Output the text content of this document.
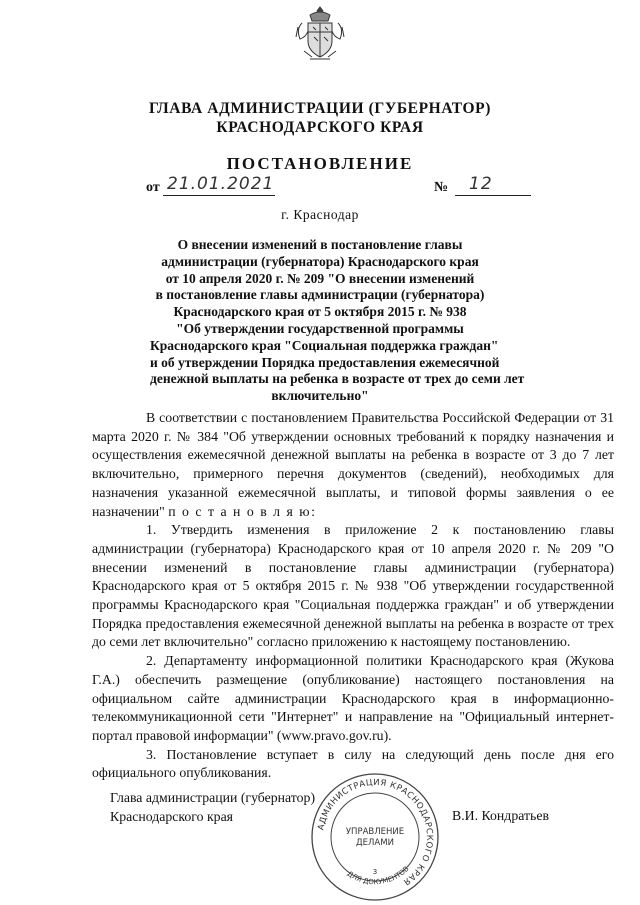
ГЛАВА АДМИНИСТРАЦИИ (ГУБЕРНАТОР)
КРАСНОДАРСКОГО КРАЯ
ПОСТАНОВЛЕНИЕ
от 21.01.2021	№ 12
г. Краснодар
О внесении изменений в постановление главы
администрации (губернатора) Краснодарского края
от 10 апреля 2020 г. № 209 "О внесении изменений
в постановление главы администрации (губернатора)
Краснодарского края от 5 октября 2015 г. № 938
"Об утверждении государственной программы
Краснодарского края "Социальная поддержка граждан"
и об утверждении Порядка предоставления ежемесячной
денежной выплаты на ребенка в возрасте от трех до семи лет
включительно"

В соответствии с постановлением Правительства Российской Федерации от 31 марта 2020 г. № 384 "Об утверждении основных требований к порядку назначения и осуществления ежемесячной денежной выплаты на ребенка в возрасте от 3 до 7 лет включительно, примерного перечня документов (сведений), необходимых для назначения указанной ежемесячной выплаты, и типовой формы заявления о ее назначении" п о с т а н о в л я ю:

1. Утвердить изменения в приложение 2 к постановлению главы администрации (губернатора) Краснодарского края от 10 апреля 2020 г. № 209 "О внесении изменений в постановление главы администрации (губернатора) Краснодарского края от 5 октября 2015 г. № 938 "Об утверждении государственной программы Краснодарского края "Социальная поддержка граждан" и об утверждении Порядка предоставления ежемесячной денежной выплаты на ребенка в возрасте от трех до семи лет включительно" согласно приложению к настоящему постановлению.

2. Департаменту информационной политики Краснодарского края (Жукова Г.А.) обеспечить размещение (опубликование) настоящего постановления на официальном сайте администрации Краснодарского края в информационно-телекоммуникационной сети "Интернет" и направление на "Официальный интернет-портал правовой информации" (www.pravo.gov.ru).

3. Постановление вступает в силу на следующий день после дня его официального опубликования.

Глава администрации (губернатор)
Краснодарского края	В.И. Кондратьев
АДМИНИСТРАЦИЯ КРАСНОДАРСКОГО КРАЯ
УПРАВЛЕНИЕ
ДЕЛАМИ
3
ДЛЯ ДОКУМЕНТОВ
